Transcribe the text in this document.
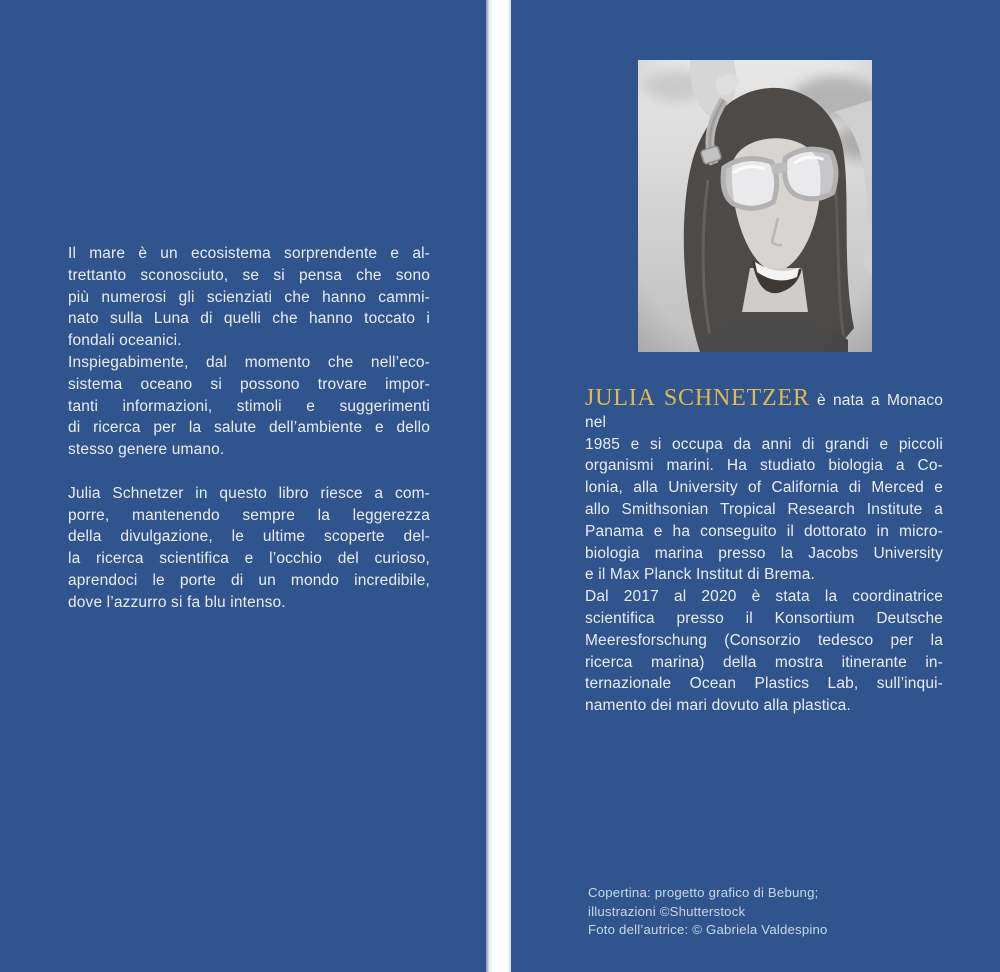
Il mare è un ecosistema sorprendente e al-
trettanto sconosciuto, se si pensa che sono
più numerosi gli scienziati che hanno cammi-
nato sulla Luna di quelli che hanno toccato i
fondali oceanici.
Inspiegabimente, dal momento che nell’eco-
sistema oceano si possono trovare impor-
tanti informazioni, stimoli e suggerimenti
di ricerca per la salute dell’ambiente e dello
stesso genere umano.
Julia Schnetzer in questo libro riesce a com-
porre, mantenendo sempre la leggerezza
della divulgazione, le ultime scoperte del-
la ricerca scientifica e l’occhio del curioso,
aprendoci le porte di un mondo incredibile,
dove l’azzurro si fa blu intenso.
JULIA SCHNETZER è nata a Monaco nel
1985 e si occupa da anni di grandi e piccoli
organismi marini. Ha studiato biologia a Co-
lonia, alla University of California di Merced e
allo Smithsonian Tropical Research Institute a
Panama e ha conseguito il dottorato in micro-
biologia marina presso la Jacobs University
e il Max Planck Institut di Brema.
Dal 2017 al 2020 è stata la coordinatrice
scientifica presso il Konsortium Deutsche
Meeresforschung (Consorzio tedesco per la
ricerca marina) della mostra itinerante in-
ternazionale Ocean Plastics Lab, sull’inqui-
namento dei mari dovuto alla plastica.
Copertina: progetto grafico di Bebung;
illustrazioni ©Shutterstock
Foto dell’autrice: © Gabriela Valdespino
